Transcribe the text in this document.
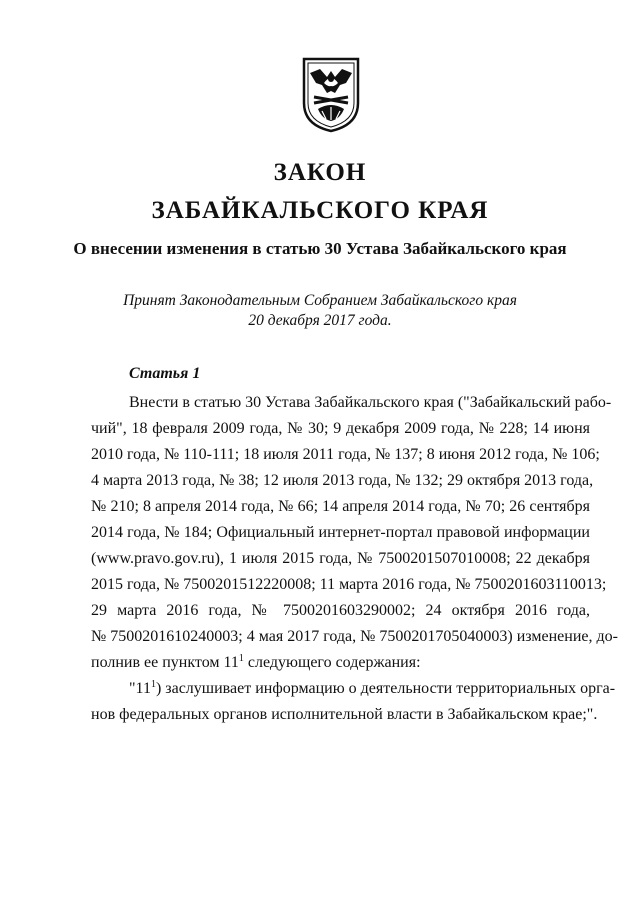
ЗАКОН
ЗАБАЙКАЛЬСКОГО КРАЯ
О внесении изменения в статью 30 Устава Забайкальского края
Принят Законодательным Собранием Забайкальского края
20 декабря 2017 года.

Статья 1

Внести в статью 30 Устава Забайкальского края ("Забайкальский рабо-

чий", 18 февраля 2009 года, № 30; 9 декабря 2009 года, № 228; 14 июня

2010 года, № 110-111; 18 июля 2011 года, № 137; 8 июня 2012 года, № 106;

4 марта 2013 года, № 38; 12 июля 2013 года, № 132; 29 октября 2013 года,

№ 210; 8 апреля 2014 года, № 66; 14 апреля 2014 года, № 70; 26 сентября

2014 года, № 184; Официальный интернет-портал правовой информации

(www.pravo.gov.ru), 1 июля 2015 года, № 7500201507010008; 22 декабря

2015 года, № 7500201512220008; 11 марта 2016 года, № 7500201603110013;

29 марта 2016 года, № 7500201603290002; 24 октября 2016 года,

№ 7500201610240003; 4 мая 2017 года, № 7500201705040003) изменение, до-

полнив ее пунктом $11^1$ следующего содержания:

"$11^1$) заслушивает информацию о деятельности территориальных орга-

нов федеральных органов исполнительной власти в Забайкальском крае;".
